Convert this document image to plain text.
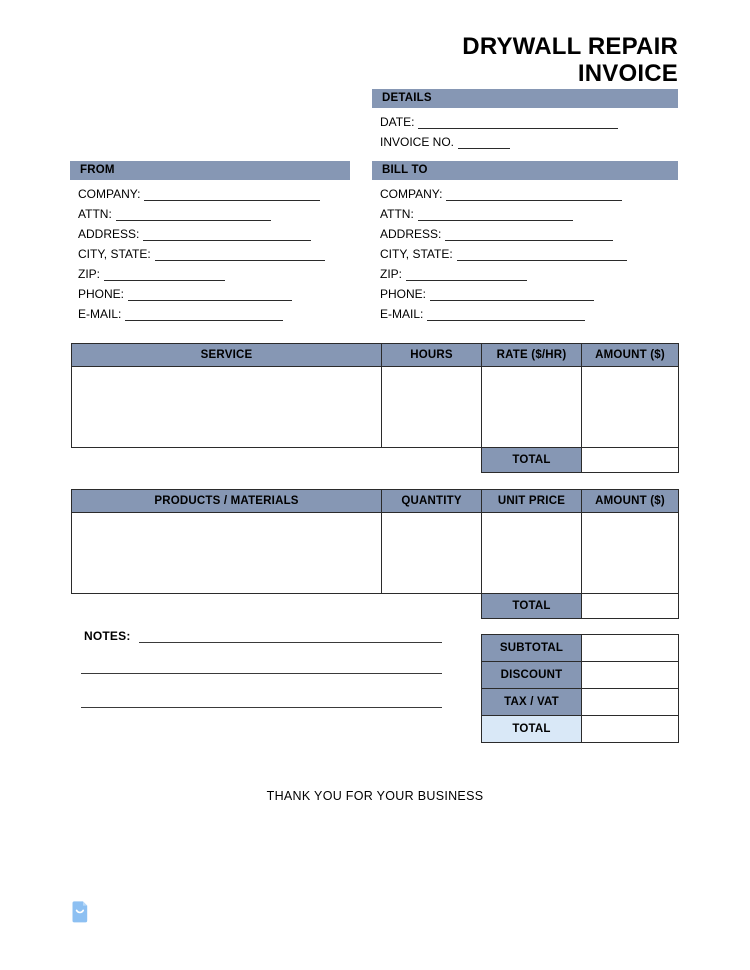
DRYWALL REPAIR
INVOICE
DETAILS
DATE:
INVOICE NO.
FROM
COMPANY:
ATTN:
ADDRESS:
CITY, STATE:
ZIP:
PHONE:
E-MAIL:
BILL TO
COMPANY:
ATTN:
ADDRESS:
CITY, STATE:
ZIP:
PHONE:
E-MAIL:
SERVICE	HOURS	RATE ($/HR)	AMOUNT ($)

		TOTAL	
PRODUCTS / MATERIALS	QUANTITY	UNIT PRICE	AMOUNT ($)

		TOTAL	
NOTES:
SUBTOTAL	
DISCOUNT	
TAX / VAT	
TOTAL	
THANK YOU FOR YOUR BUSINESS
